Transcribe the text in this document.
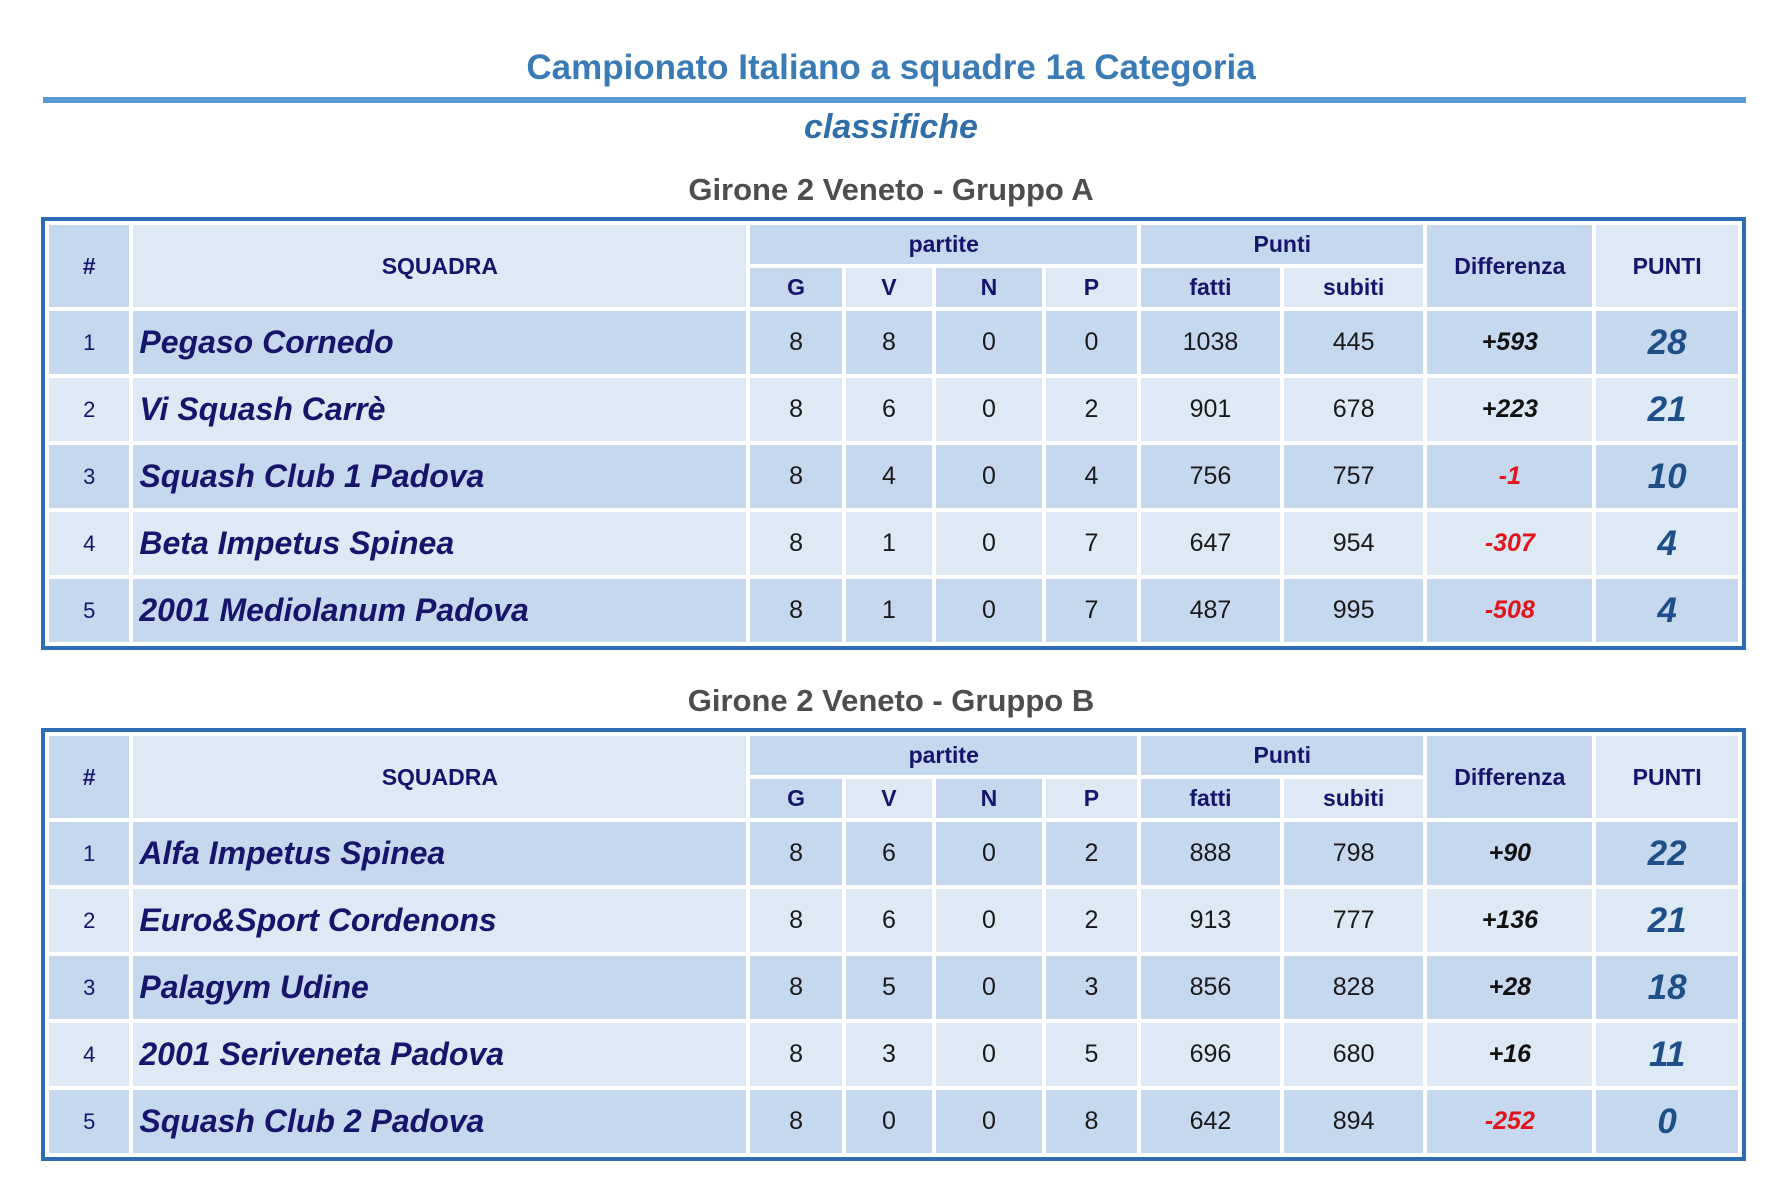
Campionato Italiano a squadre 1a Categoria
classifiche
Girone 2 Veneto - Gruppo A
#	SQUADRA	partite				Punti		Differenza	PUNTI
		G	V	N	P	fatti	subiti		
1	Pegaso Cornedo	8	8	0	0	1038	445	+593	28
2	Vi Squash Carrè	8	6	0	2	901	678	+223	21
3	Squash Club 1 Padova	8	4	0	4	756	757	-1	10
4	Beta Impetus Spinea	8	1	0	7	647	954	-307	4
5	2001 Mediolanum Padova	8	1	0	7	487	995	-508	4
Girone 2 Veneto - Gruppo B
#	SQUADRA	partite				Punti		Differenza	PUNTI
		G	V	N	P	fatti	subiti		
1	Alfa Impetus Spinea	8	6	0	2	888	798	+90	22
2	Euro&Sport Cordenons	8	6	0	2	913	777	+136	21
3	Palagym Udine	8	5	0	3	856	828	+28	18
4	2001 Seriveneta Padova	8	3	0	5	696	680	+16	11
5	Squash Club 2 Padova	8	0	0	8	642	894	-252	0
